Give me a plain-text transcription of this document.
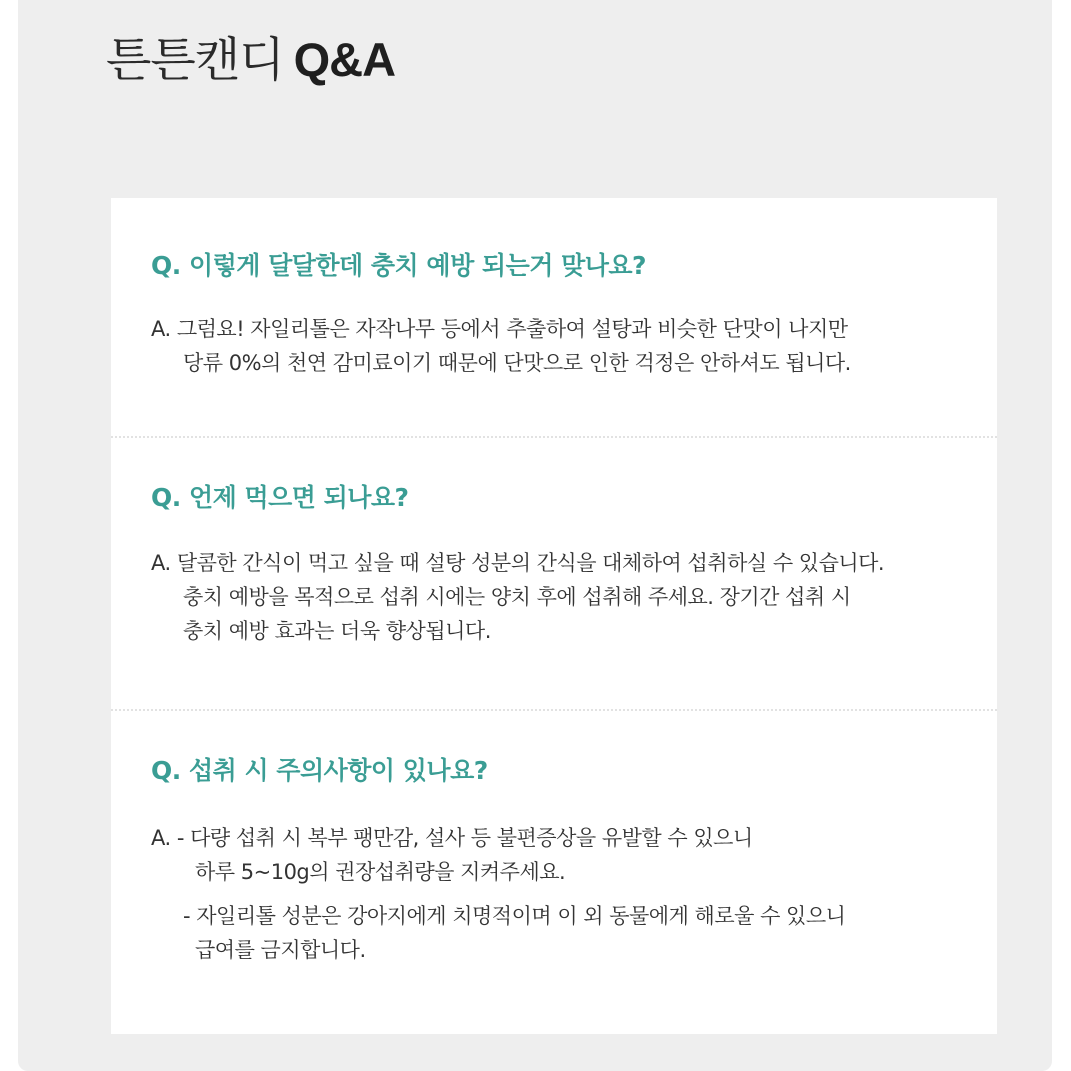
튼튼캔디 Q&A

Q. 이렇게 달달한데 충치 예방 되는거 맞나요?

A. 그럼요! 자일리톨은 자작나무 등에서 추출하여 설탕과 비슷한 단맛이 나지만
당류 0%의 천연 감미료이기 때문에 단맛으로 인한 걱정은 안하셔도 됩니다.

Q. 언제 먹으면 되나요?

A. 달콤한 간식이 먹고 싶을 때 설탕 성분의 간식을 대체하여 섭취하실 수 있습니다.
충치 예방을 목적으로 섭취 시에는 양치 후에 섭취해 주세요. 장기간 섭취 시
충치 예방 효과는 더욱 향상됩니다.

Q. 섭취 시 주의사항이 있나요?

A. - 다량 섭취 시 복부 팽만감, 설사 등 불편증상을 유발할 수 있으니
하루 5~10g의 권장섭취량을 지켜주세요.
- 자일리톨 성분은 강아지에게 치명적이며 이 외 동물에게 해로울 수 있으니
급여를 금지합니다.
